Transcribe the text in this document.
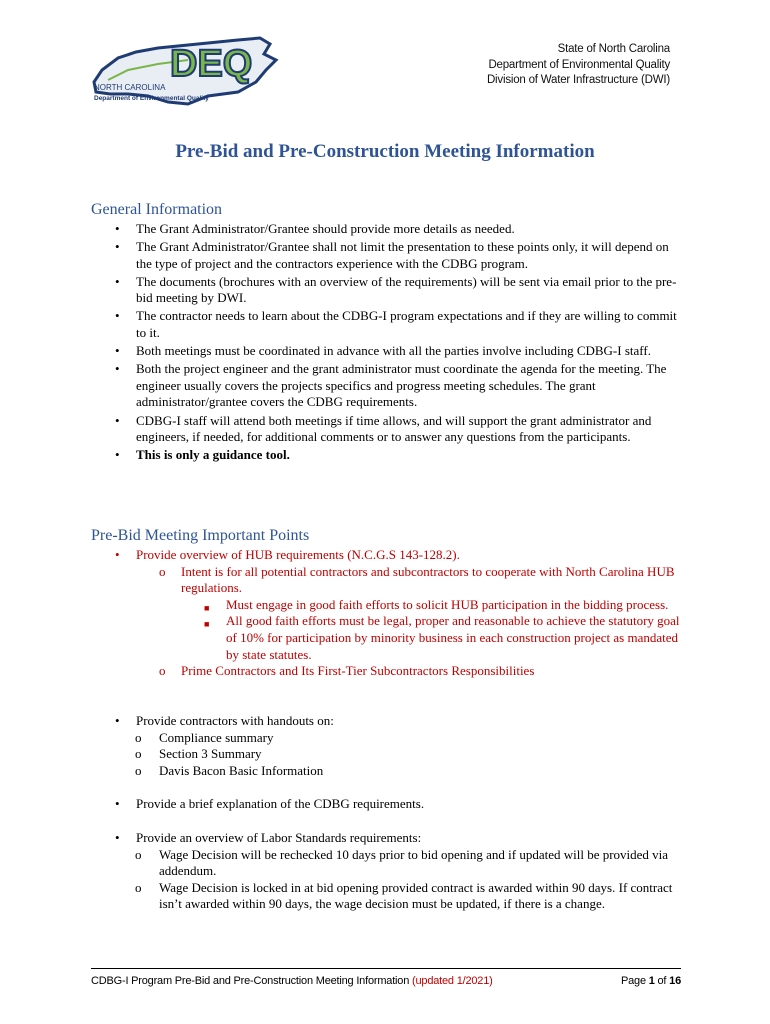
DEQ
NORTH CAROLINA
Department of Environmental Quality
State of North Carolina
Department of Environmental Quality
Division of Water Infrastructure (DWI)
Pre-Bid and Pre-Construction Meeting Information
General Information
• The Grant Administrator/Grantee should provide more details as needed.
• The Grant Administrator/Grantee shall not limit the presentation to these points only, it will depend on the type of project and the contractors experience with the CDBG program.
• The documents (brochures with an overview of the requirements) will be sent via email prior to the pre-bid meeting by DWI.
• The contractor needs to learn about the CDBG-I program expectations and if they are willing to commit to it.
• Both meetings must be coordinated in advance with all the parties involve including CDBG-I staff.
• Both the project engineer and the grant administrator must coordinate the agenda for the meeting. The engineer usually covers the projects specifics and progress meeting schedules. The grant administrator/grantee covers the CDBG requirements.
• CDBG-I staff will attend both meetings if time allows, and will support the grant administrator and engineers, if needed, for additional comments or to answer any questions from the participants.
• This is only a guidance tool.
Pre-Bid Meeting Important Points
• Provide overview of HUB requirements (N.C.G.S 143-128.2).
o Intent is for all potential contractors and subcontractors to cooperate with North Carolina HUB regulations.
■ Must engage in good faith efforts to solicit HUB participation in the bidding process.
■ All good faith efforts must be legal, proper and reasonable to achieve the statutory goal of 10% for participation by minority business in each construction project as mandated by state statutes.
o Prime Contractors and Its First-Tier Subcontractors Responsibilities
• Provide contractors with handouts on:
o Compliance summary
o Section 3 Summary
o Davis Bacon Basic Information
• Provide a brief explanation of the CDBG requirements.
• Provide an overview of Labor Standards requirements:
o Wage Decision will be rechecked 10 days prior to bid opening and if updated will be provided via addendum.
o Wage Decision is locked in at bid opening provided contract is awarded within 90 days. If contract isn’t awarded within 90 days, the wage decision must be updated, if there is a change.
CDBG-I Program Pre-Bid and Pre-Construction Meeting Information (updated 1/2021)	Page 1 of 16
